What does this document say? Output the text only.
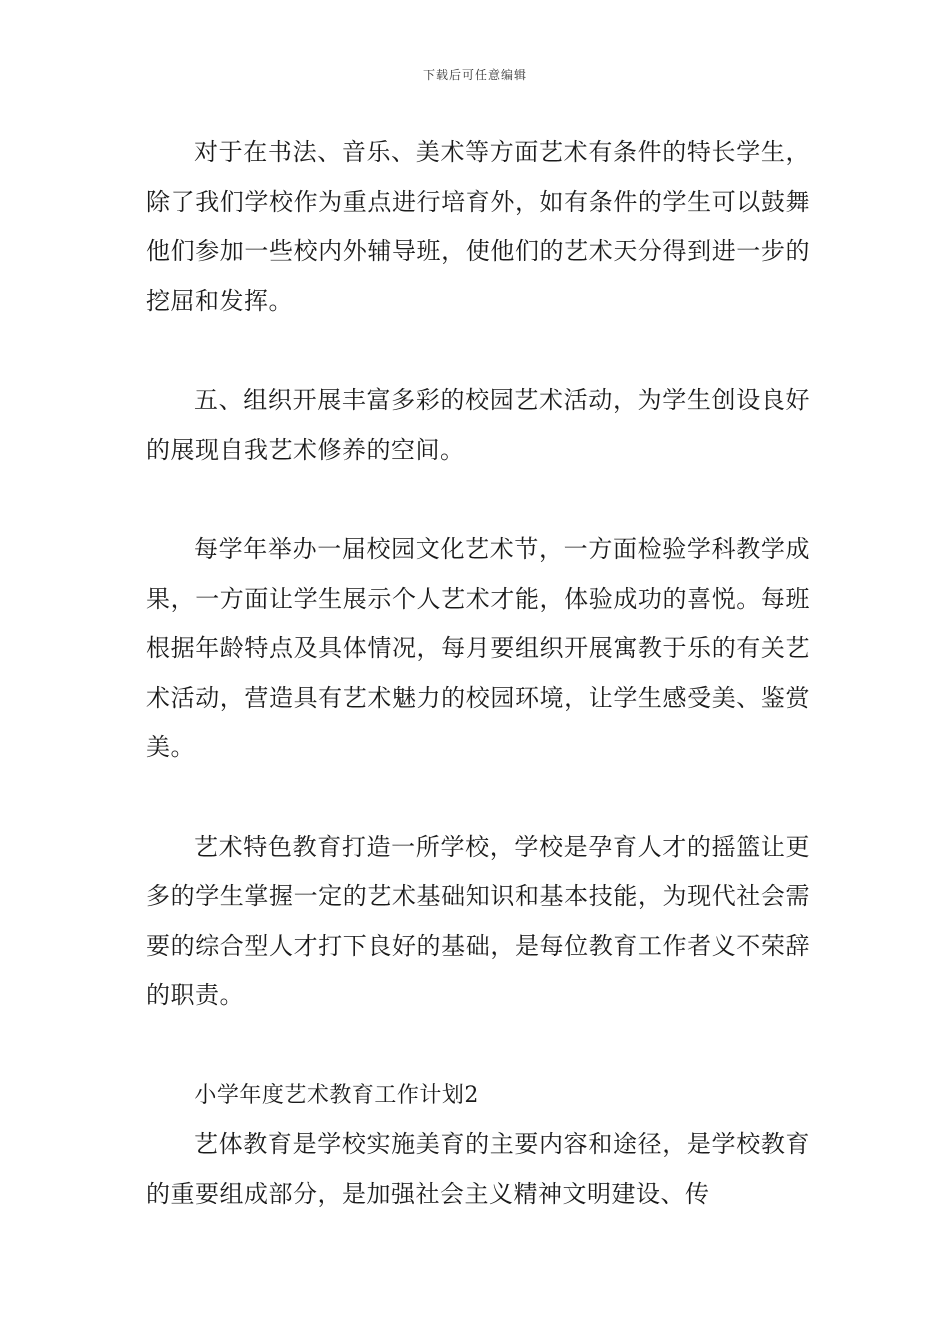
下载后可任意编辑

对于在书法、音乐、美术等方面艺术有条件的特长学生，除了我们学校作为重点进行培育外，如有条件的学生可以鼓舞他们参加一些校内外辅导班，使他们的艺术天分得到进一步的挖屈和发挥。

五、组织开展丰富多彩的校园艺术活动，为学生创设良好的展现自我艺术修养的空间。

每学年举办一届校园文化艺术节，一方面检验学科教学成果，一方面让学生展示个人艺术才能，体验成功的喜悦。每班根据年龄特点及具体情况，每月要组织开展寓教于乐的有关艺术活动，营造具有艺术魅力的校园环境，让学生感受美、鉴赏美。

艺术特色教育打造一所学校，学校是孕育人才的摇篮让更多的学生掌握一定的艺术基础知识和基本技能，为现代社会需要的综合型人才打下良好的基础，是每位教育工作者义不荣辞的职责。

小学年度艺术教育工作计划2

艺体教育是学校实施美育的主要内容和途径，是学校教育的重要组成部分，是加强社会主义精神文明建设、传
